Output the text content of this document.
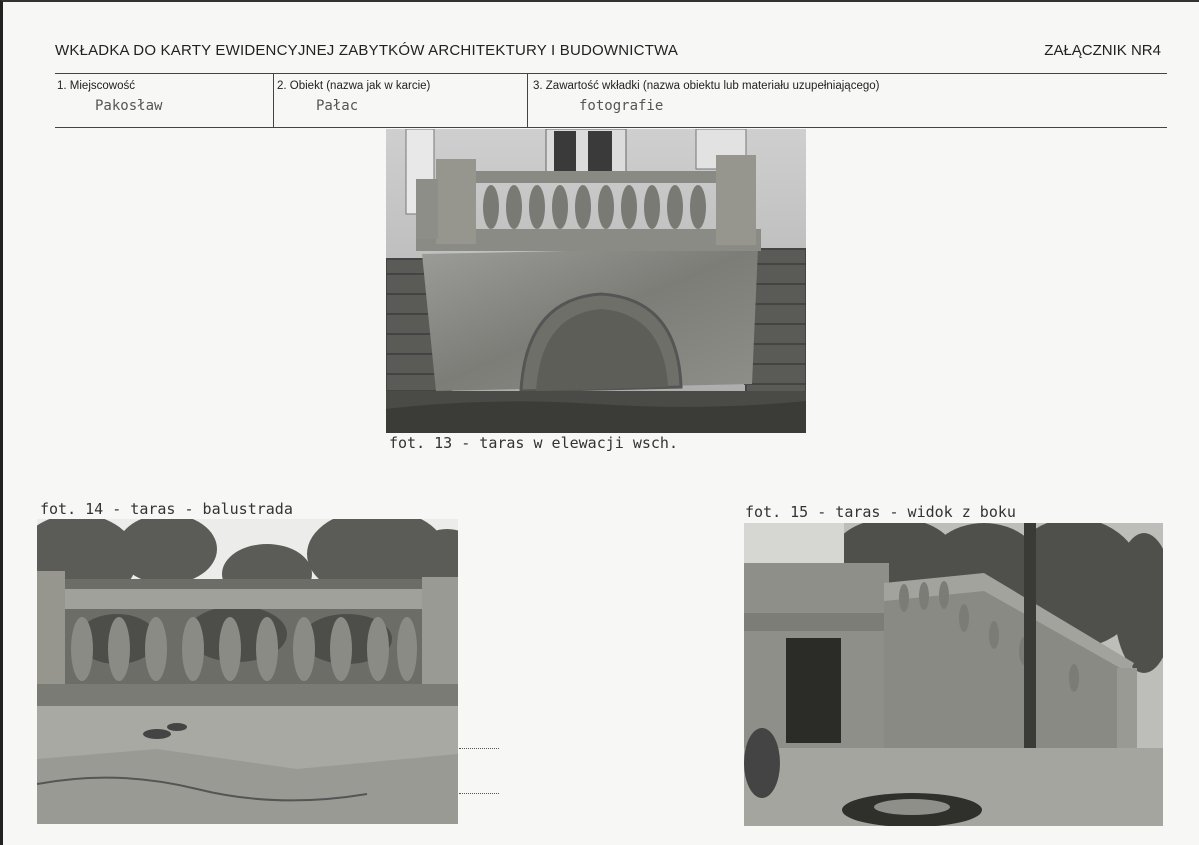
WKŁADKA DO KARTY EWIDENCYJNEJ ZABYTKÓW ARCHITEKTURY I BUDOWNICTWA	ZAŁĄCZNIK NR4
1. Miejscowość
Pakosław
2. Obiekt (nazwa jak w karcie)
Pałac
3. Zawartość wkładki (nazwa obiektu lub materiału uzupełniającego)
fotografie
fot. 13 - taras w elewacji wsch.
fot. 14 - taras - balustrada	fot. 15 - taras - widok z boku
